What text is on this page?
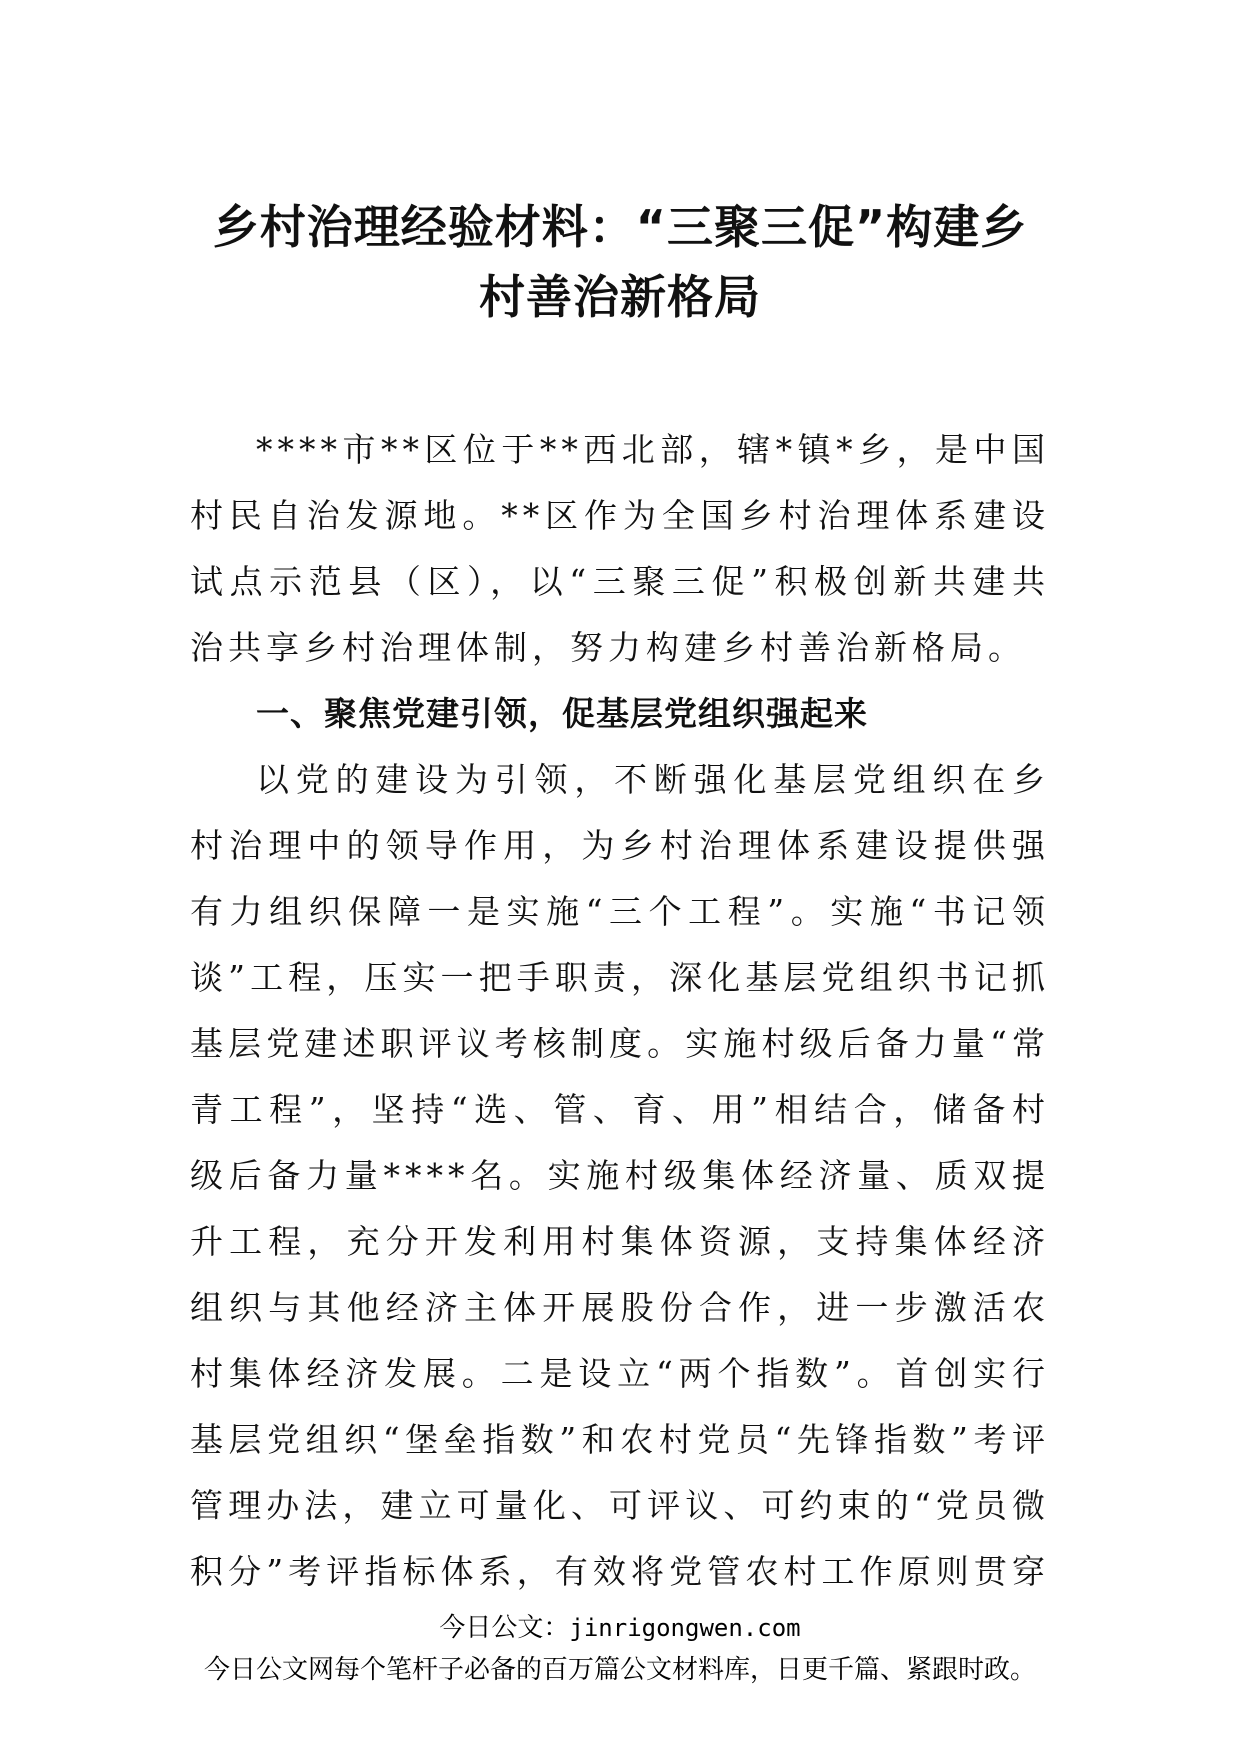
乡村治理经验材料：“三聚三促”构建乡
村善治新格局

****市**区位于**西北部，辖*镇*乡，是中国村民自治发源地。**区作为全国乡村治理体系建设试点示范县（区），以“三聚三促”积极创新共建共治共享乡村治理体制，努力构建乡村善治新格局。

一、聚焦党建引领，促基层党组织强起来

以党的建设为引领，不断强化基层党组织在乡村治理中的领导作用，为乡村治理体系建设提供强有力组织保障一是实施“三个工程”。实施“书记领谈”工程，压实一把手职责，深化基层党组织书记抓基层党建述职评议考核制度。实施村级后备力量“常青工程”，坚持“选、管、育、用”相结合，储备村级后备力量****名。实施村级集体经济量、质双提升工程，充分开发利用村集体资源，支持集体经济组织与其他经济主体开展股份合作，进一步激活农村集体经济发展。二是设立“两个指数”。首创实行基层党组织“堡垒指数”和农村党员“先锋指数”考评管理办法，建立可量化、可评议、可约束的“党员微积分”考评指标体系，有效将党管农村工作原则贯穿

今日公文：jinrigongwen.com
今日公文网每个笔杆子必备的百万篇公文材料库，日更千篇、紧跟时政。
